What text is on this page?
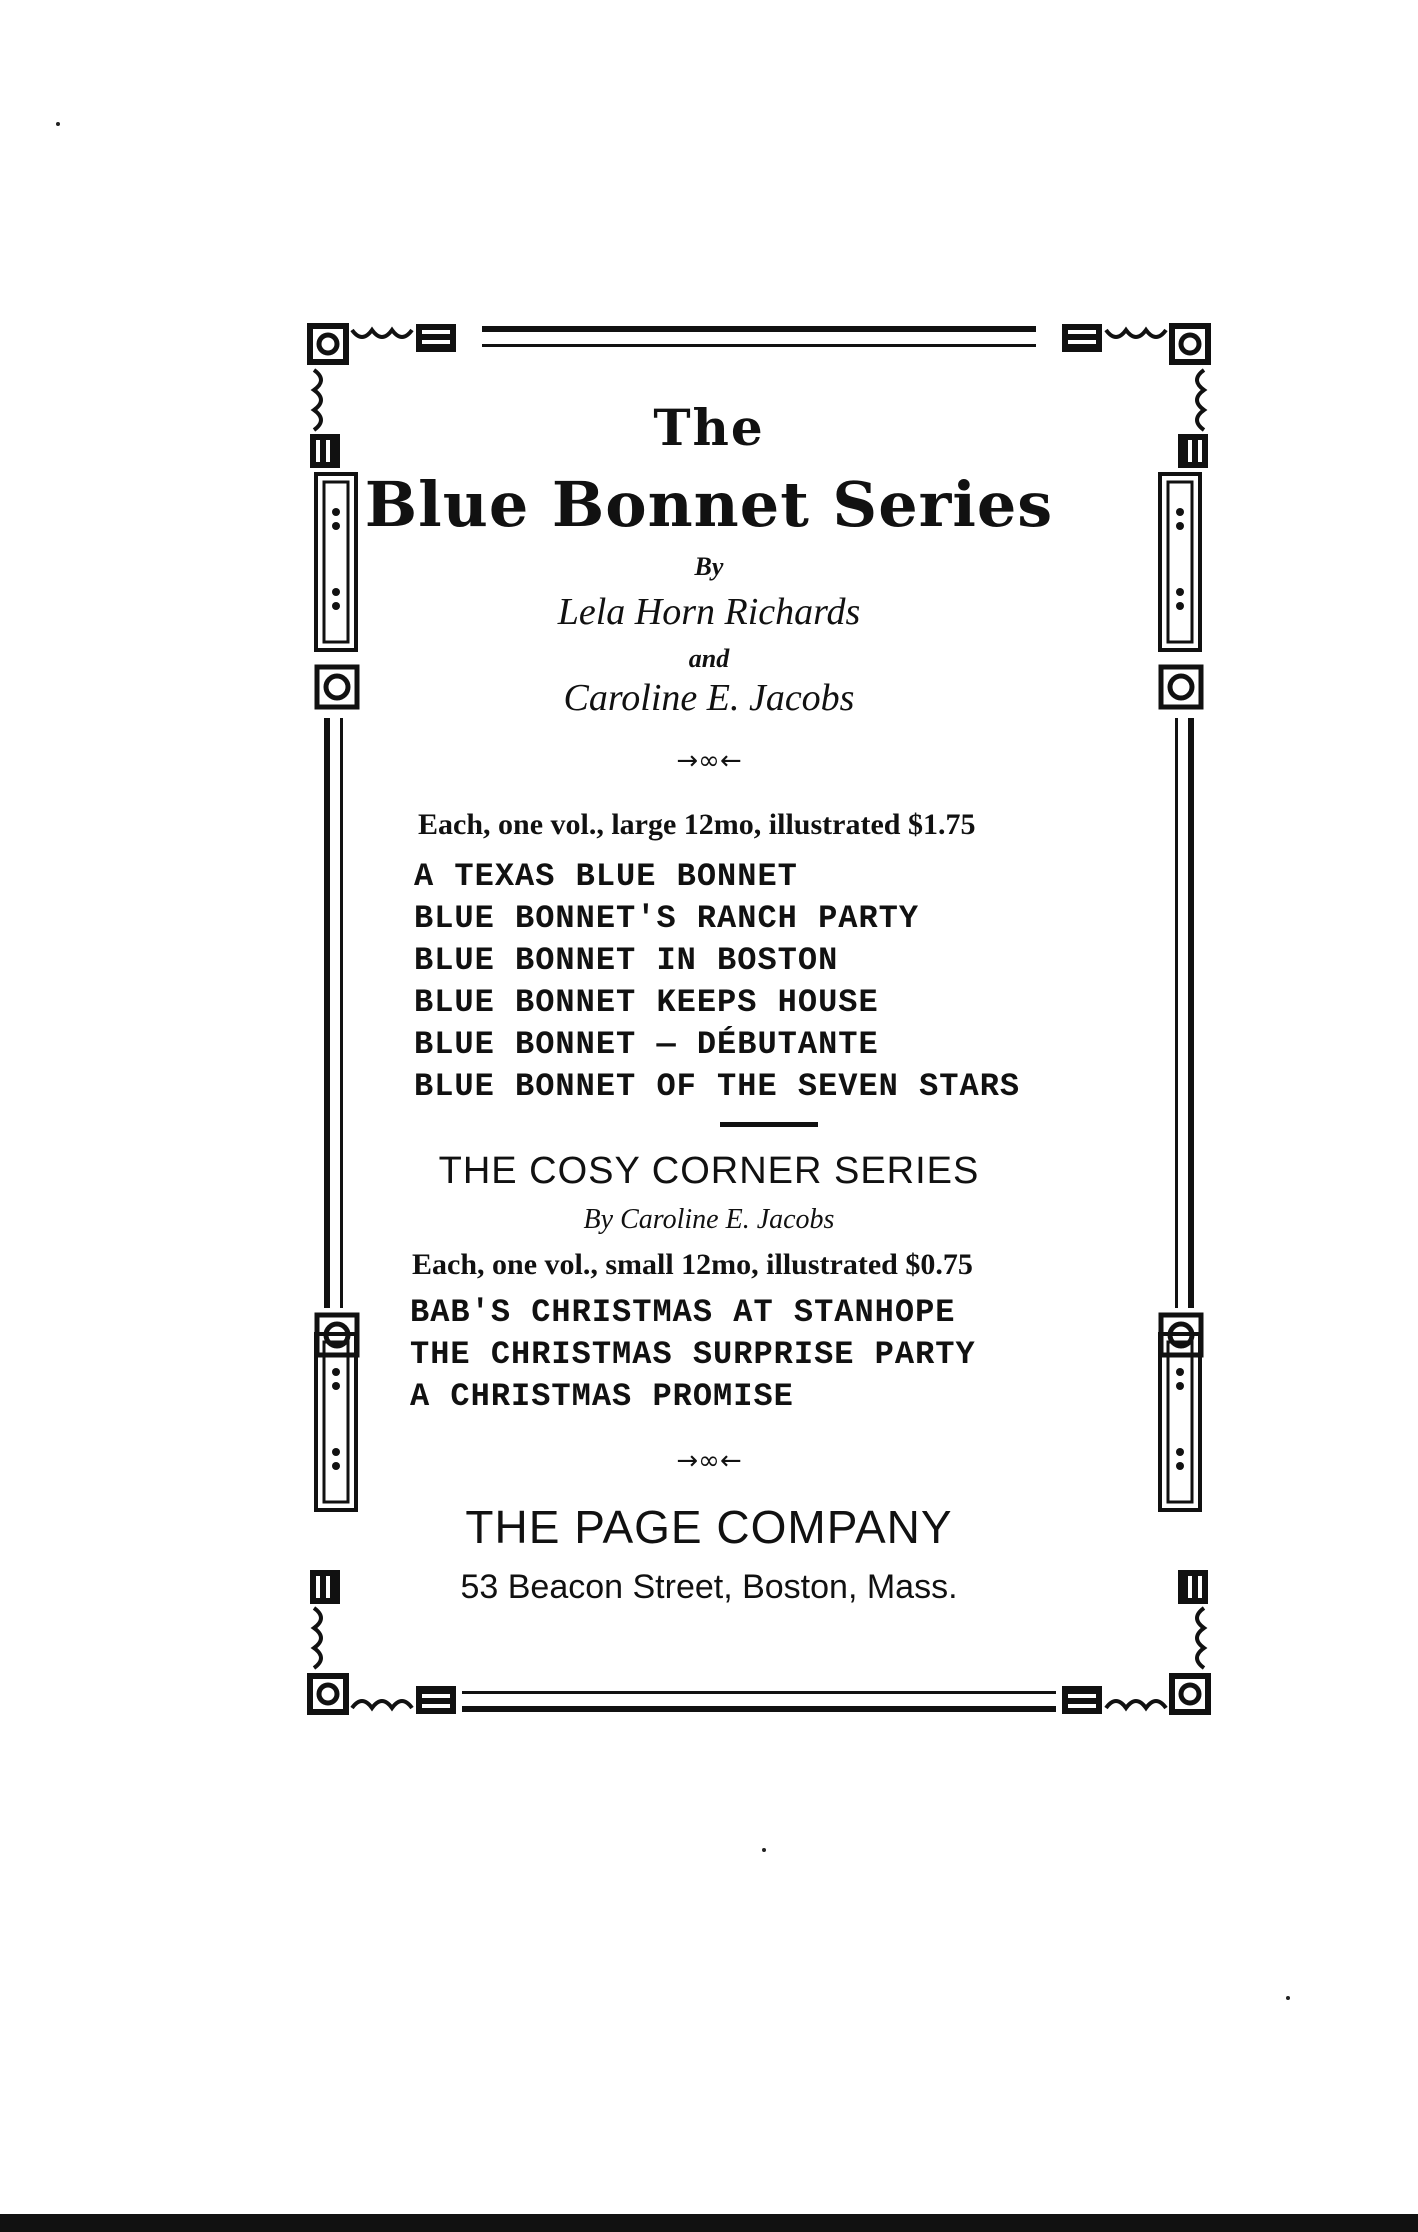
The
Blue Bonnet Series
By
Lela Horn Richards
and
Caroline E. Jacobs
→∞←
Each, one vol., large 12mo, illustrated $1.75
A TEXAS BLUE BONNET
BLUE BONNET'S RANCH PARTY
BLUE BONNET IN BOSTON
BLUE BONNET KEEPS HOUSE
BLUE BONNET — DÉBUTANTE
BLUE BONNET OF THE SEVEN STARS
THE COSY CORNER SERIES
By Caroline E. Jacobs
Each, one vol., small 12mo, illustrated $0.75
BAB'S CHRISTMAS AT STANHOPE
THE CHRISTMAS SURPRISE PARTY
A CHRISTMAS PROMISE
→∞←
THE PAGE COMPANY
53 Beacon Street, Boston, Mass.
